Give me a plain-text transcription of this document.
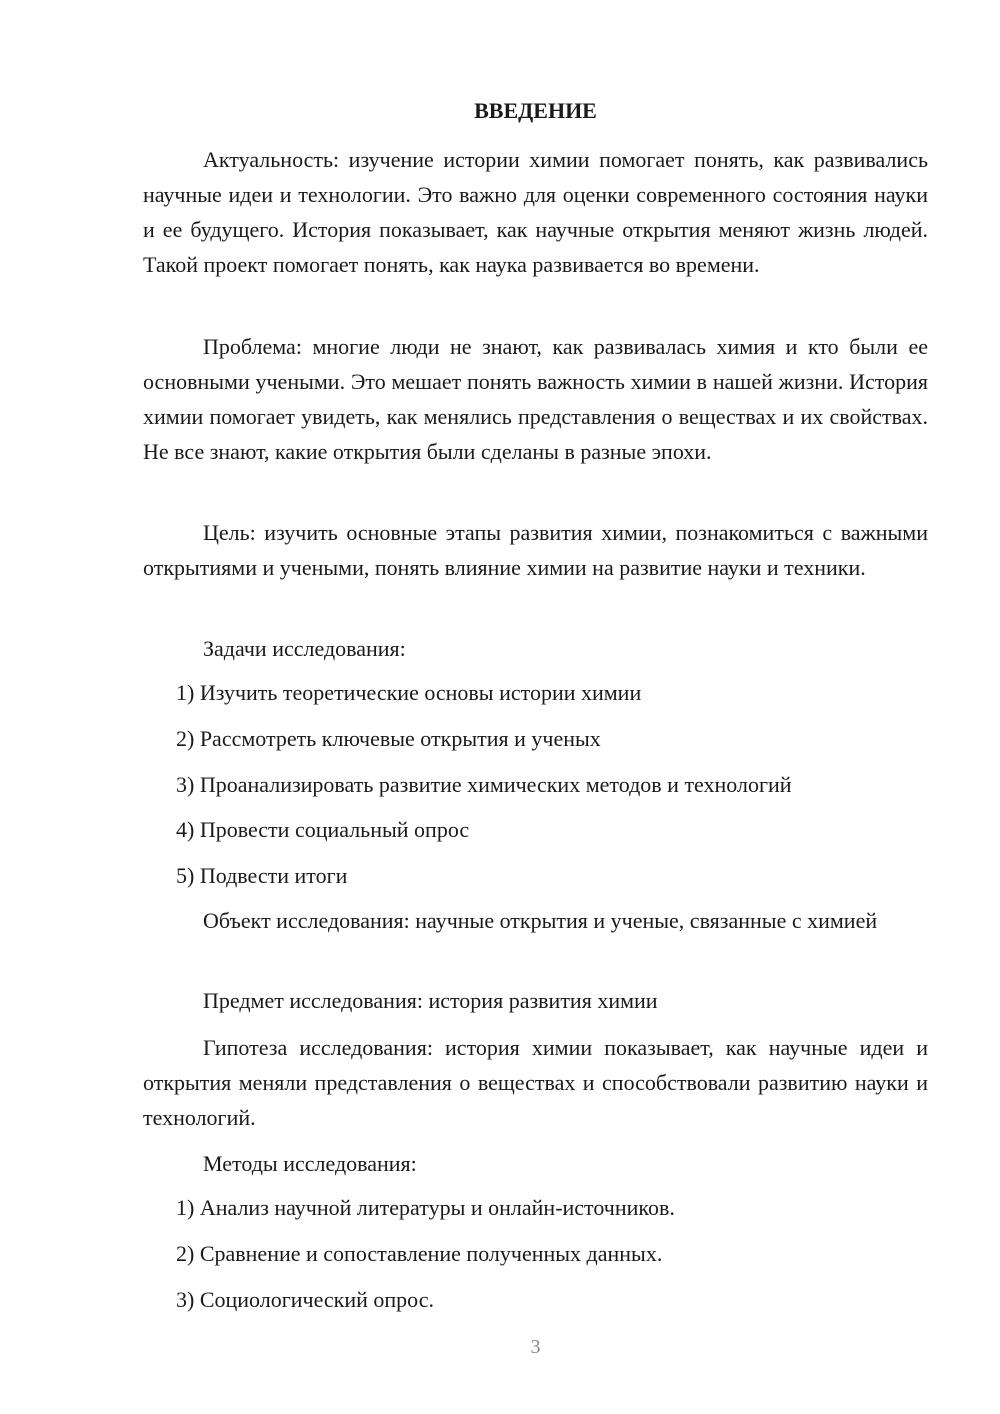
ВВЕДЕНИЕ

Актуальность: изучение истории химии помогает понять, как развивались научные идеи и технологии. Это важно для оценки современного состояния науки и ее будущего. История показывает, как научные открытия меняют жизнь людей. Такой проект помогает понять, как наука развивается во времени.

Проблема: многие люди не знают, как развивалась химия и кто были ее основными учеными. Это мешает понять важность химии в нашей жизни. История химии помогает увидеть, как менялись представления о веществах и их свойствах. Не все знают, какие открытия были сделаны в разные эпохи.

Цель: изучить основные этапы развития химии, познакомиться с важными открытиями и учеными, понять влияние химии на развитие науки и техники.

Задачи исследования:

1) Изучить теоретические основы истории химии

2) Рассмотреть ключевые открытия и ученых

3) Проанализировать развитие химических методов и технологий

4) Провести социальный опрос

5) Подвести итоги

Объект исследования: научные открытия и ученые, связанные с химией

Предмет исследования: история развития химии

Гипотеза исследования: история химии показывает, как научные идеи и открытия меняли представления о веществах и способствовали развитию науки и технологий.

Методы исследования:

1) Анализ научной литературы и онлайн-источников.

2) Сравнение и сопоставление полученных данных.

3) Социологический опрос.

3
